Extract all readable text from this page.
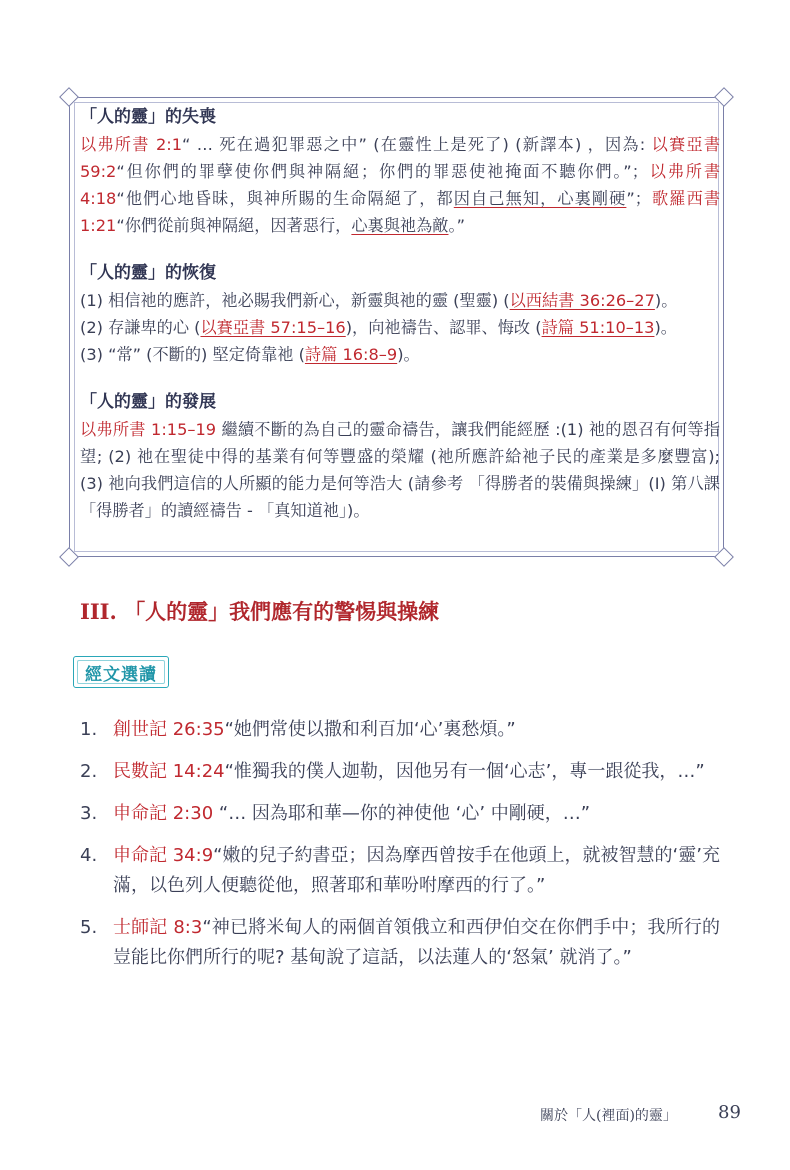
「人的靈」的失喪
以弗所書 2:1“ … 死在過犯罪惡之中” (在靈性上是死了) (新譯本) ，因為: 以賽亞書 59:2“但你們的罪孽使你們與神隔絕；你們的罪惡使祂掩面不聽你們。”；以弗所書 4:18“他們心地昏昧，與神所賜的生命隔絕了，都因自己無知，心裏剛硬”；歌羅西書 1:21“你們從前與神隔絕，因著惡行，心裏與祂為敵。”
「人的靈」的恢復
(1) 相信祂的應許，祂必賜我們新心，新靈與祂的靈 (聖靈) (以西結書 36:26–27)。
(2) 存謙卑的心 (以賽亞書 57:15–16)，向祂禱告、認罪、悔改 (詩篇 51:10–13)。
(3) “常” (不斷的) 堅定倚靠祂 (詩篇 16:8–9)。
「人的靈」的發展
以弗所書 1:15–19 繼續不斷的為自己的靈命禱告，讓我們能經歷 :(1) 祂的恩召有何等指望; (2) 祂在聖徒中得的基業有何等豐盛的榮耀 (祂所應許給祂子民的產業是多麼豐富); (3) 祂向我們這信的人所顯的能力是何等浩大 (請參考 「得勝者的裝備與操練」(I) 第八課「得勝者」的讀經禱告 - 「真知道祂」)。
III. 「人的靈」我們應有的警惕與操練
經文選讀
1. 創世記 26:35“她們常使以撒和利百加‘心’裏愁煩。”
2. 民數記 14:24“惟獨我的僕人迦勒，因他另有一個‘心志’，專一跟從我，…”
3. 申命記 2:30 “… 因為耶和華—你的神使他 ‘心’ 中剛硬，…”
4. 申命記 34:9“嫩的兒子約書亞；因為摩西曾按手在他頭上，就被智慧的‘靈’充滿，以色列人便聽從他，照著耶和華吩咐摩西的行了。”
5. 士師記 8:3“神已將米甸人的兩個首領俄立和西伊伯交在你們手中；我所行的豈能比你們所行的呢? 基甸說了這話，以法蓮人的‘怒氣’ 就消了。”
關於「人(裡面)的靈」 89
